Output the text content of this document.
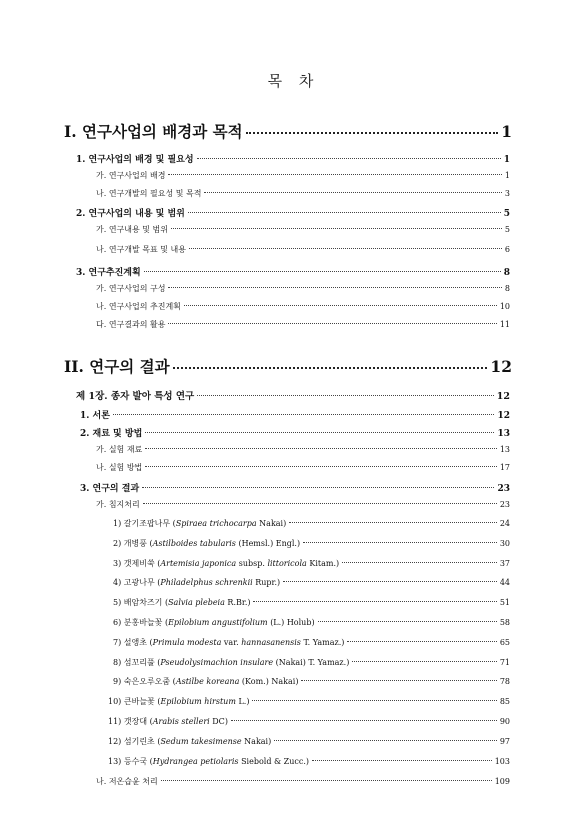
목 차
I. 연구사업의 배경과 목적	1
1. 연구사업의 배경 및 필요성	1
가. 연구사업의 배경	1
나. 연구개발의 필요성 및 목적	3
2. 연구사업의 내용 및 범위	5
가. 연구내용 및 범위	5
나. 연구개발 목표 및 내용	6
3. 연구추진계획	8
가. 연구사업의 구성	8
나. 연구사업의 추진계획	10
다. 연구결과의 활용	11
II. 연구의 결과	12
제 1장. 종자 발아 특성 연구	12
1. 서론	12
2. 재료 및 방법	13
가. 실험 재료	13
나. 실험 방법	17
3. 연구의 결과	23
가. 침지처리	23
1) 갈기조팝나무 (Spiraea trichocarpa Nakai)	24
2) 개병풍 (Astilboides tabularis (Hemsl.) Engl.)	30
3) 갯제비쑥 (Artemisia japonica subsp. littoricola Kitam.)	37
4) 고광나무 (Philadelphus schrenkii Rupr.)	44
5) 배암차즈기 (Salvia plebeia R.Br.)	51
6) 분홍바늘꽃 (Epilobium angustifolium (L.) Holub)	58
7) 설앵초 (Primula modesta var. hannasanensis T. Yamaz.)	65
8) 섬꼬리풀 (Pseudolysimachion insulare (Nakai) T. Yamaz.)	71
9) 숙은오루오줌 (Astilbe koreana (Kom.) Nakai)	78
10) 큰바늘꽃 (Epilobium hirstum L.)	85
11) 갯장대 (Arabis stelleri DC)	90
12) 섬기린초 (Sedum takesimense Nakai)	97
13) 등수국 (Hydrangea petiolaris Siebold & Zucc.)	103
나. 저온습윤 처리	109
